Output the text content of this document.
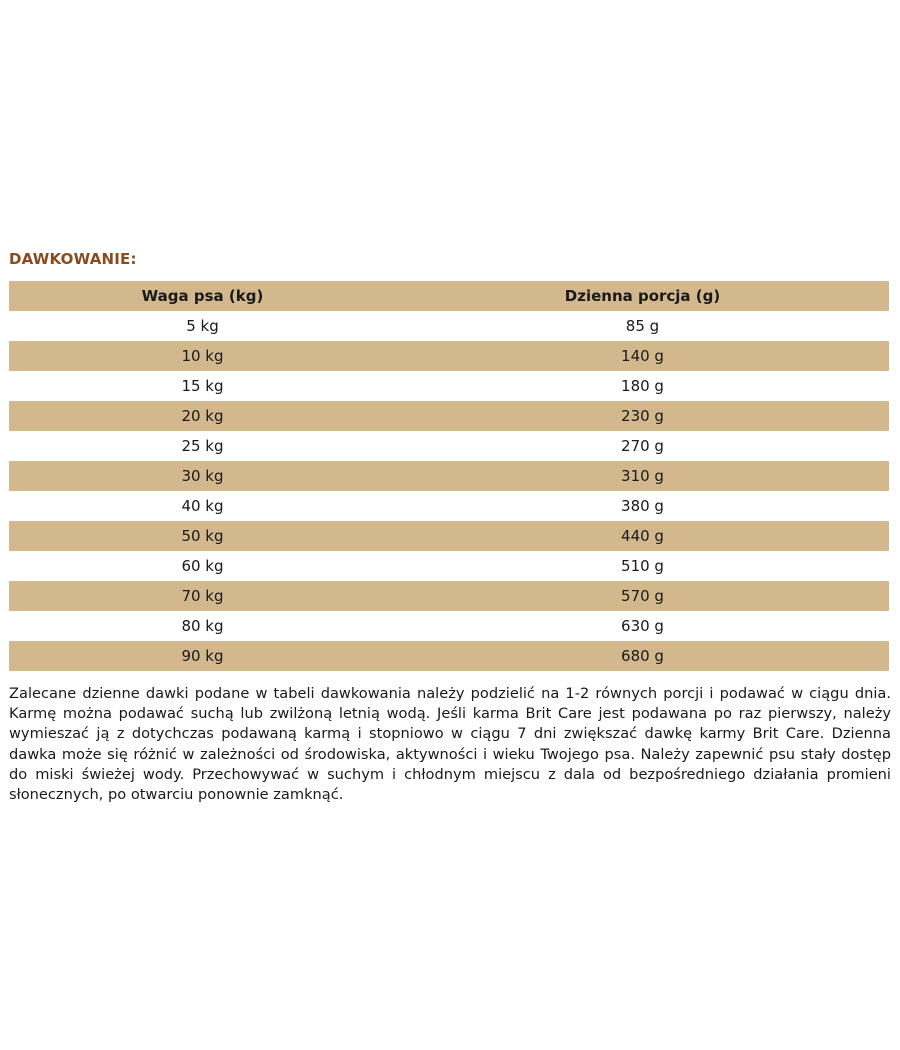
DAWKOWANIE:
Waga psa (kg)	Dzienna porcja (g)
5 kg	85 g
10 kg	140 g
15 kg	180 g
20 kg	230 g
25 kg	270 g
30 kg	310 g
40 kg	380 g
50 kg	440 g
60 kg	510 g
70 kg	570 g
80 kg	630 g
90 kg	680 g

Zalecane dzienne dawki podane w tabeli dawkowania należy podzielić na 1-2 równych porcji i podawać w ciągu dnia. Karmę można podawać suchą lub zwilżoną letnią wodą. Jeśli karma Brit Care jest podawana po raz pierwszy, należy wymieszać ją z dotychczas podawaną karmą i stopniowo w ciągu 7 dni zwiększać dawkę karmy Brit Care. Dzienna dawka może się różnić w zależności od środowiska, aktywności i wieku Twojego psa. Należy zapewnić psu stały dostęp do miski świeżej wody. Przechowywać w suchym i chłodnym miejscu z dala od bezpośredniego działania promieni słonecznych, po otwarciu ponownie zamknąć.
